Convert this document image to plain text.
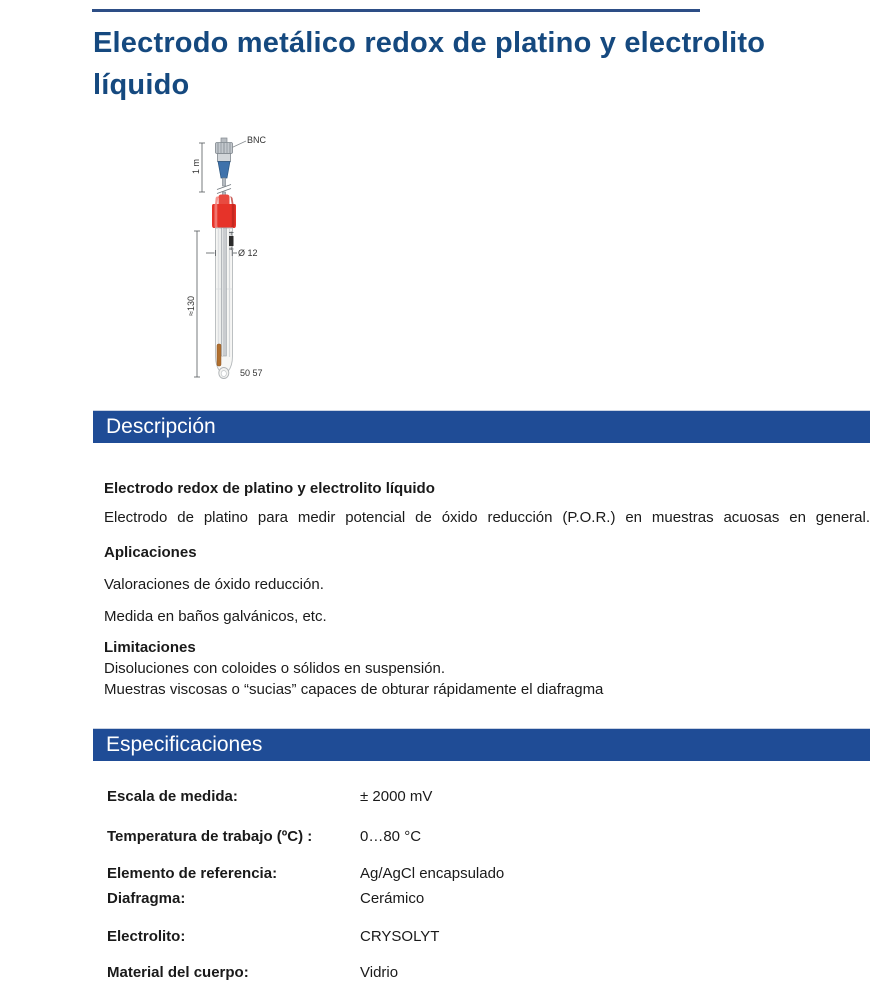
Electrodo metálico redox de platino y electrolito líquido
1 m
≈130
Ø 12
BNC
50 57
Descripción
Electrodo redox de platino y electrolito líquido
Electrodo de platino para medir potencial de óxido reducción (P.O.R.) en muestras acuosas en general.
Aplicaciones
Valoraciones de óxido reducción.
Medida en baños galvánicos, etc.
Limitaciones
Disoluciones con coloides o sólidos en suspensión.
Muestras viscosas o “sucias” capaces de obturar rápidamente el diafragma
Especificaciones
Escala de medida:	± 2000 mV
Temperatura de trabajo (ºC) :	0…80 °C
Elemento de referencia:	Ag/AgCl encapsulado
Diafragma:	Cerámico
Electrolito:	CRYSOLYT
Material del cuerpo:	Vidrio
